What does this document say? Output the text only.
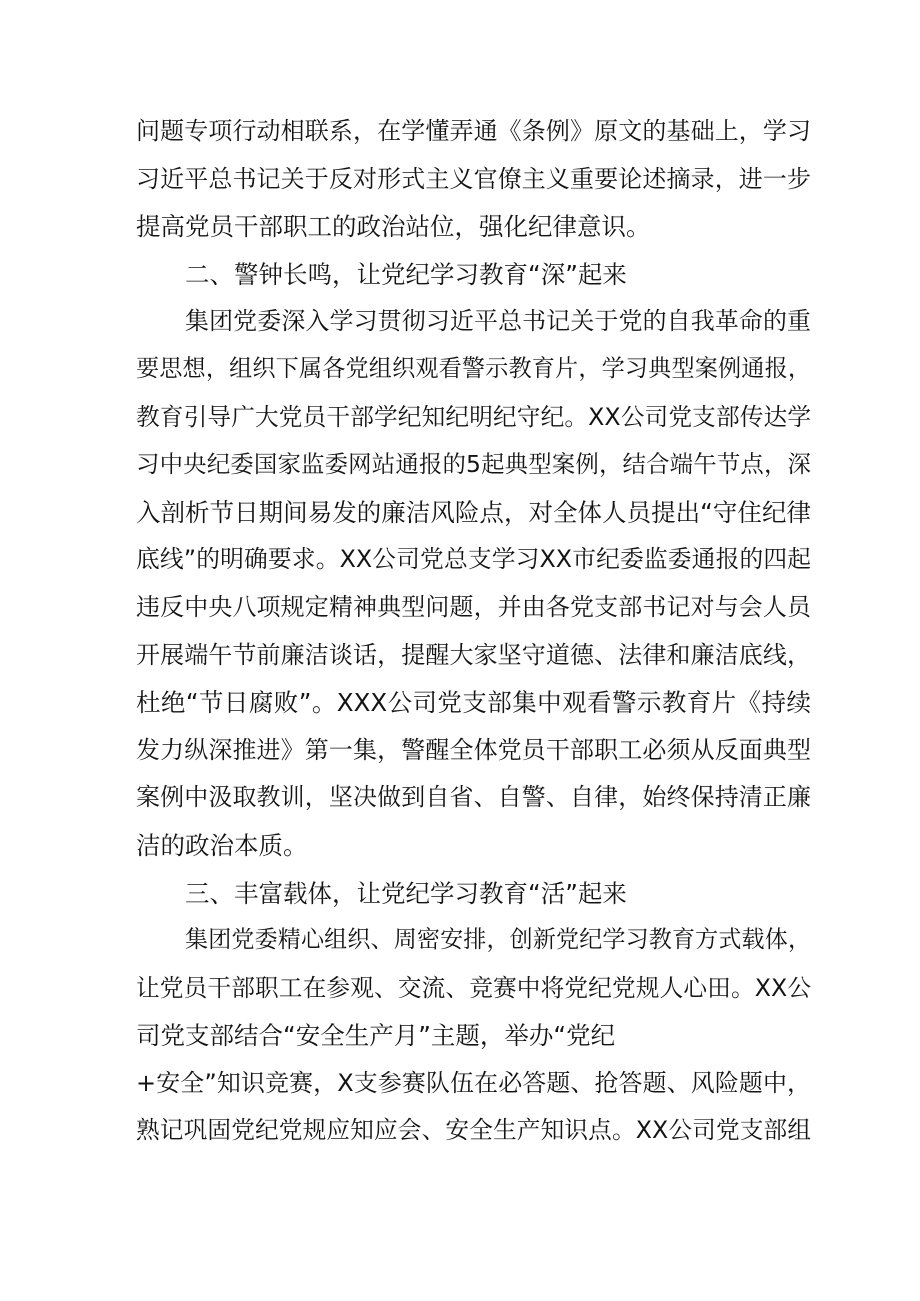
问题专项行动相联系，在学懂弄通《条例》原文的基础上，学习
习近平总书记关于反对形式主义官僚主义重要论述摘录，进一步
提高党员干部职工的政治站位，强化纪律意识。
二、警钟长鸣，让党纪学习教育“深”起来
集团党委深入学习贯彻习近平总书记关于党的自我革命的重
要思想，组织下属各党组织观看警示教育片，学习典型案例通报，
教育引导广大党员干部学纪知纪明纪守纪。XX公司党支部传达学
习中央纪委国家监委网站通报的5起典型案例，结合端午节点，深
入剖析节日期间易发的廉洁风险点，对全体人员提出“守住纪律
底线”的明确要求。XX公司党总支学习XX市纪委监委通报的四起
违反中央八项规定精神典型问题，并由各党支部书记对与会人员
开展端午节前廉洁谈话，提醒大家坚守道德、法律和廉洁底线，
杜绝“节日腐败”。XXX公司党支部集中观看警示教育片《持续
发力纵深推进》第一集，警醒全体党员干部职工必须从反面典型
案例中汲取教训，坚决做到自省、自警、自律，始终保持清正廉
洁的政治本质。
三、丰富载体，让党纪学习教育“活”起来
集团党委精心组织、周密安排，创新党纪学习教育方式载体，
让党员干部职工在参观、交流、竞赛中将党纪党规人心田。XX公
司党支部结合“安全生产月”主题，举办“党纪
+安全”知识竞赛，X支参赛队伍在必答题、抢答题、风险题中，
熟记巩固党纪党规应知应会、安全生产知识点。XX公司党支部组
